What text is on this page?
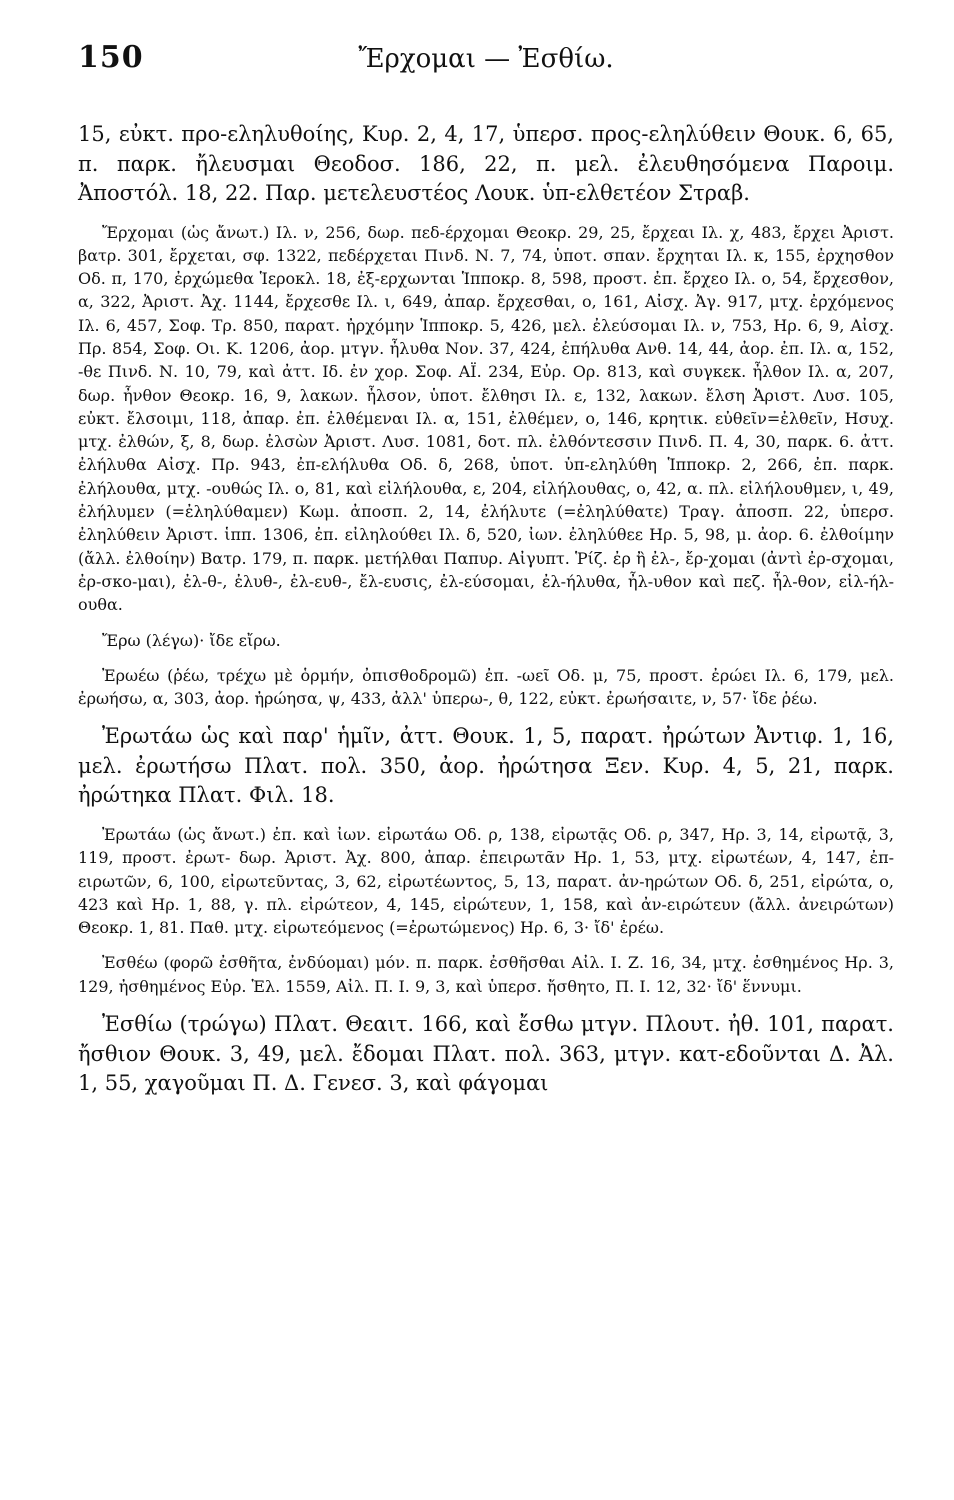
150	Ἔρχομαι — Ἐσθίω.

15, εὐκτ. προ-εληλυθοίης, Κυρ. 2, 4, 17, ὑπερσ. προς-εληλύθειν Θουκ. 6, 65, π. παρκ. ἤλευσμαι Θεοδοσ. 186, 22, π. μελ. ἐλευθησόμενα Παροιμ. Ἀποστόλ. 18, 22. Παρ. μετελευστέος Λουκ. ὑπ-ελθετέον Στραβ.

Ἔρχομαι (ὡς ἄνωτ.) Ιλ. ν, 256, δωρ. πεδ-έρχομαι Θεοκρ. 29, 25, ἔρχεαι Ιλ. χ, 483, ἔρχει Ἀριστ. βατρ. 301, ἔρχεται, σφ. 1322, πεδέρχεται Πινδ. Ν. 7, 74, ὑποτ. σπαν. ἔρχηται Ιλ. κ, 155, ἐρχησθον Οδ. π, 170, ἐρχώμεθα Ἱεροκλ. 18, ἐξ-ερχωνται Ἱπποκρ. 8, 598, προστ. ἐπ. ἔρχεο Ιλ. ο, 54, ἔρχεσθον, α, 322, Ἀριστ. Ἀχ. 1144, ἔρχεσθε Ιλ. ι, 649, ἀπαρ. ἔρχεσθαι, ο, 161, Αἰσχ. Ἀγ. 917, μτχ. ἐρχόμενος Ιλ. 6, 457, Σοφ. Τρ. 850, παρατ. ἠρχόμην Ἱπποκρ. 5, 426, μελ. ἐλεύσομαι Ιλ. ν, 753, Ηρ. 6, 9, Αἰσχ. Πρ. 854, Σοφ. Οι. Κ. 1206, ἀορ. μτγν. ἦλυθα Νον. 37, 424, ἐπήλυθα Ανθ. 14, 44, ἀορ. ἐπ. Ιλ. α, 152, -θε Πινδ. Ν. 10, 79, καὶ ἀττ. Ιδ. ἐν χορ. Σοφ. ΑΪ. 234, Εὐρ. Ορ. 813, καὶ συγκεκ. ἦλθον Ιλ. α, 207, δωρ. ἦνθον Θεοκρ. 16, 9, λακων. ἦλσον, ὑποτ. ἔλθησι Ιλ. ε, 132, λακων. ἔλση Ἀριστ. Λυσ. 105, εὐκτ. ἔλσοιμι, 118, ἀπαρ. ἐπ. ἐλθέμεναι Ιλ. α, 151, ἐλθέμεν, ο, 146, κρητικ. εὐθεῖν=ἐλθεῖν, Ησυχ. μτχ. ἐλθών, ξ, 8, δωρ. ἐλσὼν Ἀριστ. Λυσ. 1081, δοτ. πλ. ἐλθόντεσσιν Πινδ. Π. 4, 30, παρκ. 6. ἀττ. ἐλήλυθα Αἰσχ. Πρ. 943, ἐπ-ελήλυθα Οδ. δ, 268, ὑποτ. ὑπ-εληλύθη Ἱπποκρ. 2, 266, ἐπ. παρκ. ἐλήλουθα, μτχ. -ουθώς Ιλ. ο, 81, καὶ εἰλήλουθα, ε, 204, εἰλήλουθας, ο, 42, α. πλ. εἰλήλουθμεν, ι, 49, ἐλήλυμεν (=ἐληλύθαμεν) Κωμ. ἀποσπ. 2, 14, ἐλήλυτε (=ἐληλύθατε) Τραγ. ἀποσπ. 22, ὑπερσ. ἐληλύθειν Ἀριστ. ἱππ. 1306, ἐπ. εἰληλούθει Ιλ. δ, 520, ἰων. ἐληλύθεε Ηρ. 5, 98, μ. ἀορ. 6. ἐλθοίμην (ἄλλ. ἐλθοίην) Βατρ. 179, π. παρκ. μετήλθαι Παπυρ. Αἰγυπτ. Ῥίζ. ἐρ ἢ ἐλ-, ἔρ-χομαι (ἀντὶ ἐρ-σχομαι, ἐρ-σκο-μαι), ἐλ-θ-, ἐλυθ-, ἐλ-ευθ-, ἔλ-ευσις, ἐλ-εύσομαι, ἐλ-ήλυθα, ἦλ-υθον καὶ πεζ. ἦλ-θον, εἰλ-ήλ-ουθα.

Ἔρω (λέγω)· ἴδε εἴρω.

Ἐρωέω (ῥέω, τρέχω μὲ ὁρμήν, ὀπισθοδρομῶ) ἐπ. -ωεῖ Οδ. μ, 75, προστ. ἐρώει Ιλ. 6, 179, μελ. ἐρωήσω, α, 303, ἀορ. ἠρώησα, ψ, 433, ἀλλ' ὑπερω-, θ, 122, εὐκτ. ἐρωήσαιτε, ν, 57· ἴδε ῥέω.

Ἐρωτάω ὡς καὶ παρ' ἡμῖν, ἀττ. Θουκ. 1, 5, παρατ. ἠρώτων Ἀντιφ. 1, 16, μελ. ἐρωτήσω Πλατ. πολ. 350, ἀορ. ἠρώτησα Ξεν. Κυρ. 4, 5, 21, παρκ. ἠρώτηκα Πλατ. Φιλ. 18.

Ἐρωτάω (ὡς ἄνωτ.) ἐπ. καὶ ἰων. εἰρωτάω Οδ. ρ, 138, εἰρωτᾷς Οδ. ρ, 347, Ηρ. 3, 14, εἰρωτᾷ, 3, 119, προστ. ἐρωτ- δωρ. Ἀριστ. Ἀχ. 800, ἀπαρ. ἐπειρωτᾶν Ηρ. 1, 53, μτχ. εἰρωτέων, 4, 147, ἐπ-ειρωτῶν, 6, 100, εἰρωτεῦντας, 3, 62, εἰρωτέωντος, 5, 13, παρατ. ἀν-ηρώτων Οδ. δ, 251, εἰρώτα, ο, 423 καὶ Ηρ. 1, 88, γ. πλ. εἰρώτεον, 4, 145, εἰρώτευν, 1, 158, καὶ ἀν-ειρώτευν (ἄλλ. ἀνειρώτων) Θεοκρ. 1, 81. Παθ. μτχ. εἰρωτεόμενος (=ἐρωτώμενος) Ηρ. 6, 3· ἴδ' ἐρέω.

Ἐσθέω (φορῶ ἐσθῆτα, ἐνδύομαι) μόν. π. παρκ. ἐσθῆσθαι Αἰλ. Ι. Ζ. 16, 34, μτχ. ἐσθημένος Ηρ. 3, 129, ἠσθημένος Εὐρ. Ἑλ. 1559, Αἰλ. Π. Ι. 9, 3, καὶ ὑπερσ. ἤσθητο, Π. Ι. 12, 32· ἴδ' ἕννυμι.

Ἐσθίω (τρώγω) Πλατ. Θεαιτ. 166, καὶ ἔσθω μτγν. Πλουτ. ἠθ. 101, παρατ. ἤσθιον Θουκ. 3, 49, μελ. ἔδομαι Πλατ. πολ. 363, μτγν. κατ-εδοῦνται Δ. Ἀλ. 1, 55, χαγοῦμαι Π. Δ. Γενεσ. 3, καὶ φάγομαι
